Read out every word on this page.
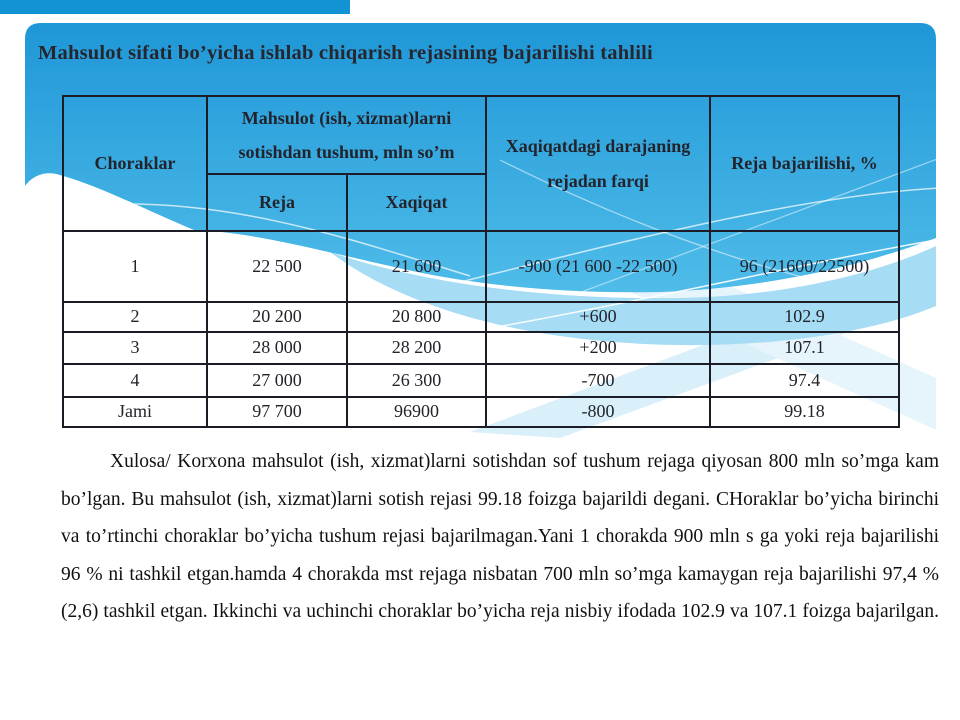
Mahsulot sifati bo’yicha ishlab chiqarish rejasining bajarilishi tahlili
Choraklar	Mahsulot (ish, xizmat)larni sotishdan tushum, mln so’m		Xaqiqatdagi darajaning rejadan farqi	Reja bajarilishi, %
	Reja	Xaqiqat		
1	22 500	21 600	-900 (21 600 -22 500)	96 (21600/22500)
2	20 200	20 800	+600	102.9
3	28 000	28 200	+200	107.1
4	27 000	26 300	-700	97.4
Jami	97 700	96900	-800	99.18

Xulosa/ Korxona mahsulot (ish, xizmat)larni sotishdan sof tushum rejaga qiyosan 800 mln so’mga kam bo’lgan. Bu mahsulot (ish, xizmat)larni sotish rejasi 99.18 foizga bajarildi degani. CHoraklar bo’yicha birinchi va to’rtinchi choraklar bo’yicha tushum rejasi bajarilmagan.Yani 1 chorakda 900 mln s ga yoki reja bajarilishi 96 % ni tashkil etgan.hamda 4 chorakda mst rejaga nisbatan 700 mln so’mga kamaygan reja bajarilishi 97,4 % (2,6) tashkil etgan. Ikkinchi va uchinchi choraklar bo’yicha reja nisbiy ifodada 102.9 va 107.1 foizga bajarilgan.
